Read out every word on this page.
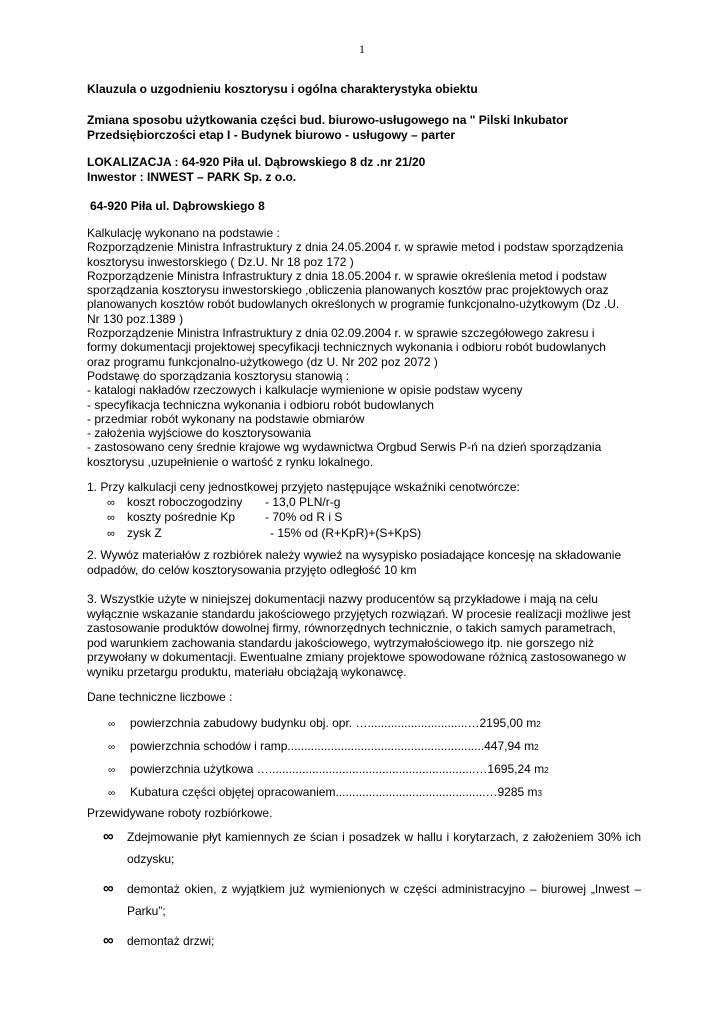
1
Klauzula o uzgodnieniu kosztorysu i ogólna charakterystyka obiektu

Zmiana sposobu użytkowania części bud. biurowo-usługowego na " Pilski Inkubator

Przedsiębiorczości etap I - Budynek biurowo - usługowy – parter

LOKALIZACJA : 64-920 Piła ul. Dąbrowskiego 8 dz .nr 21/20

Inwestor : INWEST – PARK Sp. z o.o.

64-920 Piła ul. Dąbrowskiego 8

Kalkulację wykonano na podstawie :

Rozporządzenie Ministra Infrastruktury z dnia 24.05.2004 r. w sprawie metod i podstaw sporządzenia

kosztorysu inwestorskiego ( Dz.U. Nr 18 poz 172 )

Rozporządzenie Ministra Infrastruktury z dnia 18.05.2004 r. w sprawie określenia metod i podstaw

sporządzania kosztorysu inwestorskiego ,obliczenia planowanych kosztów prac projektowych oraz

planowanych kosztów robót budowlanych określonych w programie funkcjonalno-użytkowym (Dz .U.

Nr 130 poz.1389 )

Rozporządzenie Ministra Infrastruktury z dnia 02.09.2004 r. w sprawie szczegółowego zakresu i

formy dokumentacji projektowej specyfikacji technicznych wykonania i odbioru robót budowlanych

oraz programu funkcjonalno-użytkowego (dz U. Nr 202 poz 2072 )

Podstawę do sporządzania kosztorysu stanowią :

- katalogi nakładów rzeczowych i kalkulacje wymienione w opisie podstaw wyceny

- specyfikacja techniczna wykonania i odbioru robót budowlanych

- przedmiar robót wykonany na podstawie obmiarów

- założenia wyjściowe do kosztorysowania

- zastosowano ceny średnie krajowe wg wydawnictwa Orgbud Serwis P-ń na dzień sporządzania

kosztorysu ,uzupełnienie o wartość z rynku lokalnego.

1. Przy kalkulacji ceny jednostkowej przyjęto następujące wskaźniki cenotwórcze:

∞	koszt roboczogodziny	- 13,0 PLN/r-g
∞	koszty pośrednie Kp	- 70% od R i S
∞	zysk Z	- 15% od (R+KpR)+(S+KpS)

2. Wywóz materiałów z rozbiórek należy wywieź na wysypisko posiadające koncesję na składowanie

odpadów, do celów kosztorysowania przyjęto odległość 10 km

3. Wszystkie użyte w niniejszej dokumentacji nazwy producentów są przykładowe i mają na celu

wyłącznie wskazanie standardu jakościowego przyjętych rozwiązań. W procesie realizacji możliwe jest

zastosowanie produktów dowolnej firmy, równorzędnych technicznie, o takich samych parametrach,

pod warunkiem zachowania standardu jakościowego, wytrzymałościowego itp. nie gorszego niż

przywołany w dokumentacji. Ewentualne zmiany projektowe spowodowane różnicą zastosowanego w

wyniku przetargu produktu, materiału obciążają wykonawcę.

Dane techniczne liczbowe :
∞	powierzchnia zabudowy budynku obj. opr. …..............................…2195,00 m 2
∞	powierzchnia schodów i ramp...........................................................447,94 m 2
∞	powierzchnia użytkowa …..............................................................…1695,24 m 2
∞	Kubatura części objętej opracowaniem.............................................…9285 m 3
Przewidywane roboty rozbiórkowe.
∞	Zdejmowanie płyt kamiennych ze ścian i posadzek w hallu i korytarzach, z założeniem 30% ich odzysku;
∞	demontaż okien, z wyjątkiem już wymienionych w części administracyjno – biurowej „Inwest – Parku”;
∞	demontaż drzwi;
